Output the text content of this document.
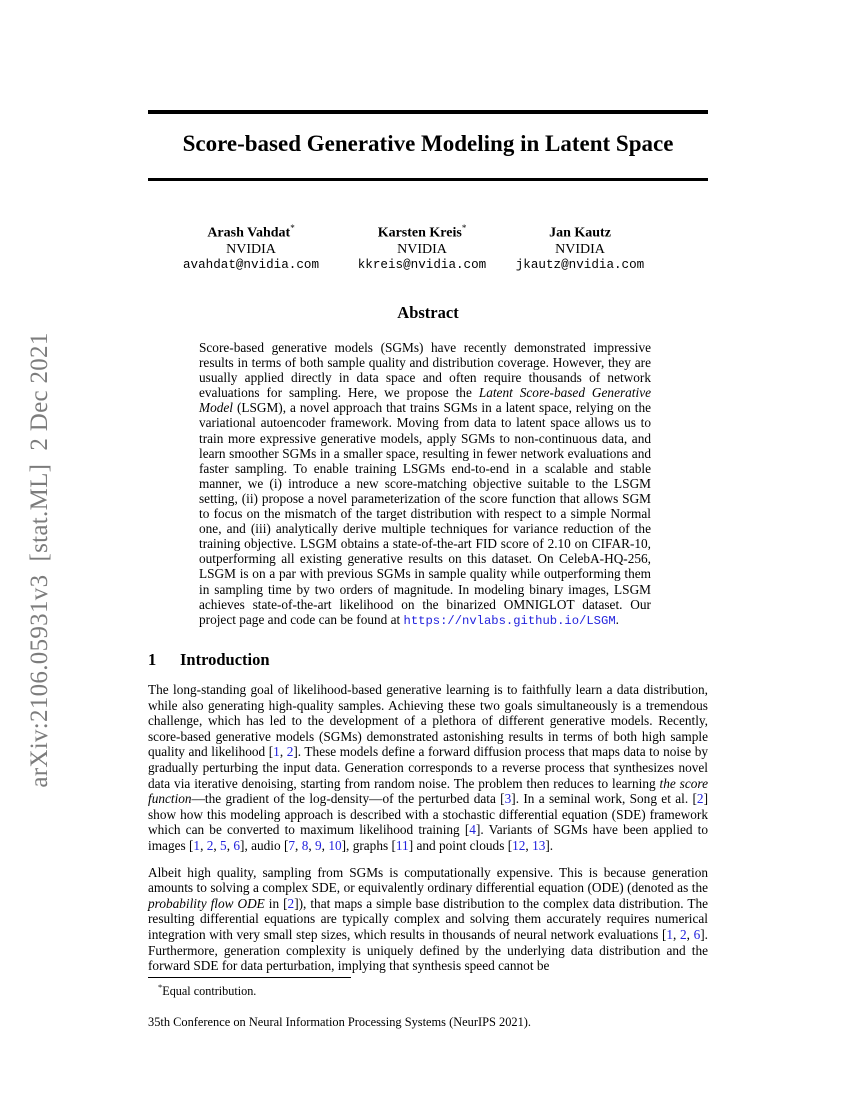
arXiv:2106.05931v3  [stat.ML]  2 Dec 2021
Score-based Generative Modeling in Latent Space
Arash Vahdat*
NVIDIA
avahdat@nvidia.com
Karsten Kreis*
NVIDIA
kkreis@nvidia.com
Jan Kautz
NVIDIA
jkautz@nvidia.com
Abstract
Score-based generative models (SGMs) have recently demonstrated impressive results in terms of both sample quality and distribution coverage. However, they are usually applied directly in data space and often require thousands of network evaluations for sampling. Here, we propose the Latent Score-based Generative Model (LSGM), a novel approach that trains SGMs in a latent space, relying on the variational autoencoder framework. Moving from data to latent space allows us to train more expressive generative models, apply SGMs to non-continuous data, and learn smoother SGMs in a smaller space, resulting in fewer network evaluations and faster sampling. To enable training LSGMs end-to-end in a scalable and stable manner, we (i) introduce a new score-matching objective suitable to the LSGM setting, (ii) propose a novel parameterization of the score function that allows SGM to focus on the mismatch of the target distribution with respect to a simple Normal one, and (iii) analytically derive multiple techniques for variance reduction of the training objective. LSGM obtains a state-of-the-art FID score of 2.10 on CIFAR-10, outperforming all existing generative results on this dataset. On CelebA-HQ-256, LSGM is on a par with previous SGMs in sample quality while outperforming them in sampling time by two orders of magnitude. In modeling binary images, LSGM achieves state-of-the-art likelihood on the binarized OMNIGLOT dataset. Our project page and code can be found at https://nvlabs.github.io/LSGM.
1 Introduction

The long-standing goal of likelihood-based generative learning is to faithfully learn a data distribution, while also generating high-quality samples. Achieving these two goals simultaneously is a tremendous challenge, which has led to the development of a plethora of different generative models. Recently, score-based generative models (SGMs) demonstrated astonishing results in terms of both high sample quality and likelihood [1, 2]. These models define a forward diffusion process that maps data to noise by gradually perturbing the input data. Generation corresponds to a reverse process that synthesizes novel data via iterative denoising, starting from random noise. The problem then reduces to learning the score function—the gradient of the log-density—of the perturbed data [3]. In a seminal work, Song et al. [2] show how this modeling approach is described with a stochastic differential equation (SDE) framework which can be converted to maximum likelihood training [4]. Variants of SGMs have been applied to images [1, 2, 5, 6], audio [7, 8, 9, 10], graphs [11] and point clouds [12, 13].

Albeit high quality, sampling from SGMs is computationally expensive. This is because generation amounts to solving a complex SDE, or equivalently ordinary differential equation (ODE) (denoted as the probability flow ODE in [2]), that maps a simple base distribution to the complex data distribution. The resulting differential equations are typically complex and solving them accurately requires numerical integration with very small step sizes, which results in thousands of neural network evaluations [1, 2, 6]. Furthermore, generation complexity is uniquely defined by the underlying data distribution and the forward SDE for data perturbation, implying that synthesis speed cannot be

*Equal contribution.
35th Conference on Neural Information Processing Systems (NeurIPS 2021).
